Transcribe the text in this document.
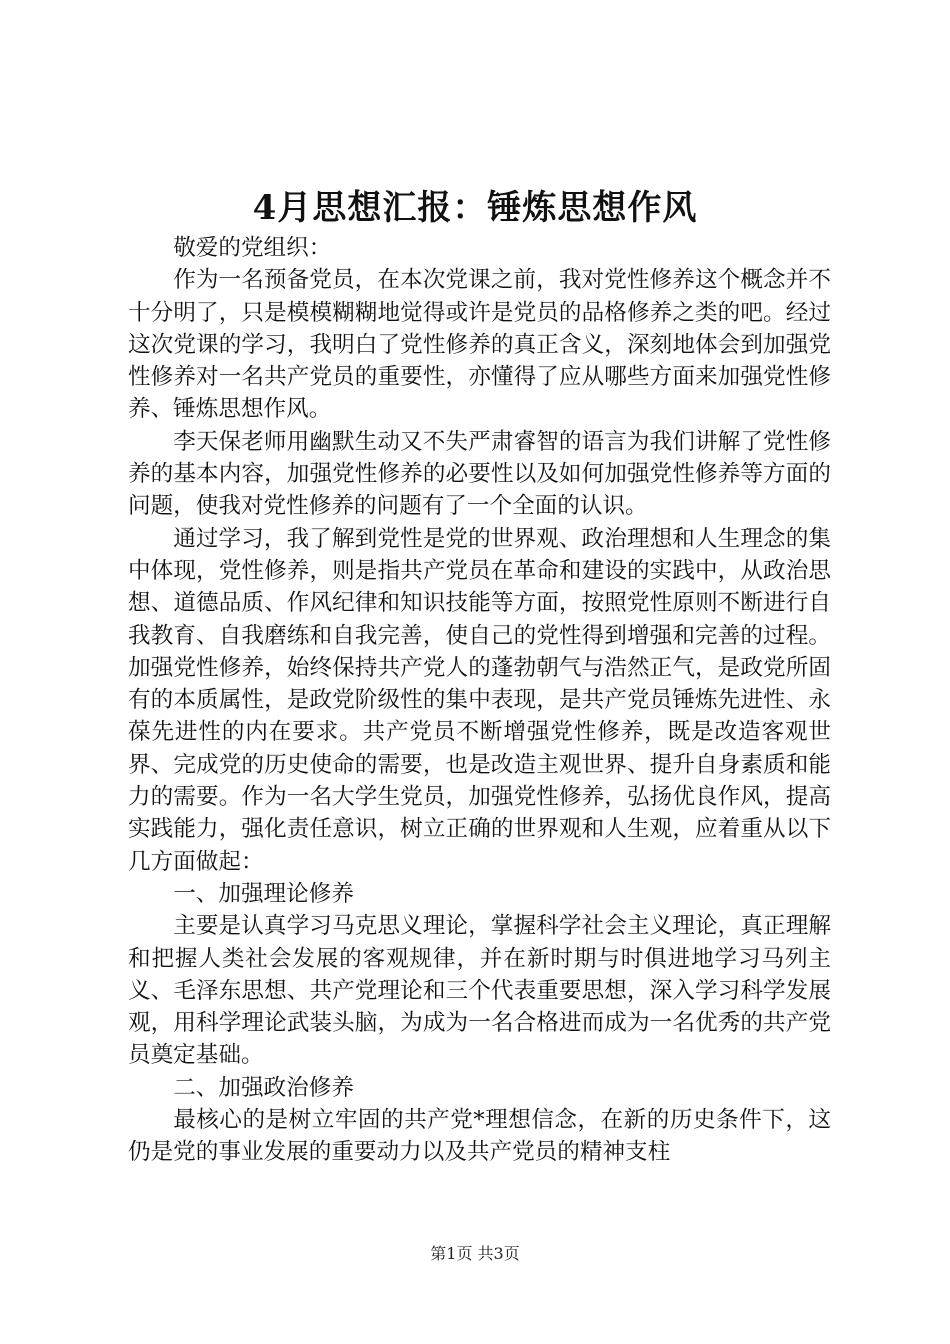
4月思想汇报：锤炼思想作风

敬爱的党组织：

作为一名预备党员，在本次党课之前，我对党性修养这个概念并不十分明了，只是模模糊糊地觉得或许是党员的品格修养之类的吧。经过这次党课的学习，我明白了党性修养的真正含义，深刻地体会到加强党性修养对一名共产党员的重要性，亦懂得了应从哪些方面来加强党性修养、锤炼思想作风。

李天保老师用幽默生动又不失严肃睿智的语言为我们讲解了党性修养的基本内容，加强党性修养的必要性以及如何加强党性修养等方面的问题，使我对党性修养的问题有了一个全面的认识。

通过学习，我了解到党性是党的世界观、政治理想和人生理念的集中体现，党性修养，则是指共产党员在革命和建设的实践中，从政治思想、道德品质、作风纪律和知识技能等方面，按照党性原则不断进行自我教育、自我磨练和自我完善，使自己的党性得到增强和完善的过程。加强党性修养，始终保持共产党人的蓬勃朝气与浩然正气，是政党所固有的本质属性，是政党阶级性的集中表现，是共产党员锤炼先进性、永葆先进性的内在要求。共产党员不断增强党性修养，既是改造客观世界、完成党的历史使命的需要，也是改造主观世界、提升自身素质和能力的需要。作为一名大学生党员，加强党性修养，弘扬优良作风，提高实践能力，强化责任意识，树立正确的世界观和人生观，应着重从以下几方面做起：

一、加强理论修养

主要是认真学习马克思义理论，掌握科学社会主义理论，真正理解和把握人类社会发展的客观规律，并在新时期与时俱进地学习马列主义、毛泽东思想、共产党理论和三个代表重要思想，深入学习科学发展观，用科学理论武装头脑，为成为一名合格进而成为一名优秀的共产党员奠定基础。

二、加强政治修养

最核心的是树立牢固的共产党*理想信念，在新的历史条件下，这仍是党的事业发展的重要动力以及共产党员的精神支柱

第1页 共3页
